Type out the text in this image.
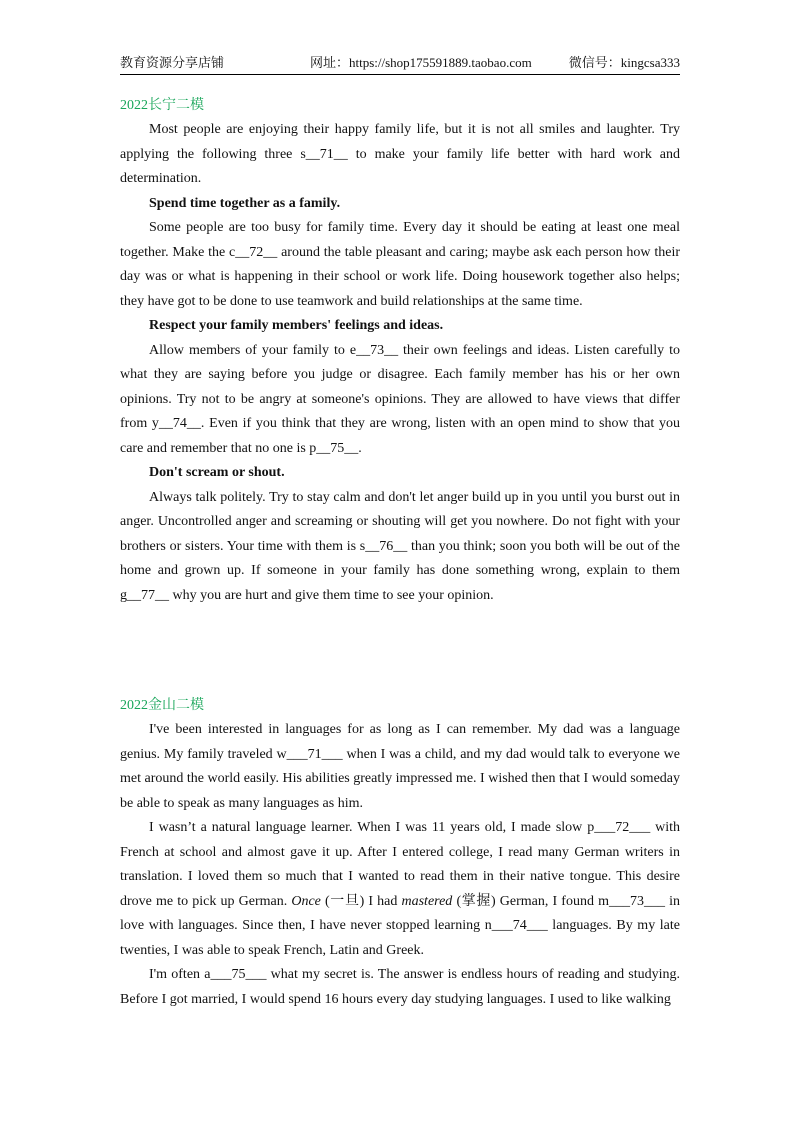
教育资源分享店铺	网址：https://shop175591889.taobao.com	微信号：kingcsa333
2022长宁二模

Most people are enjoying their happy family life, but it is not all smiles and laughter. Try applying the following three s__71__ to make your family life better with hard work and determination.

Spend time together as a family.

Some people are too busy for family time. Every day it should be eating at least one meal together. Make the c__72__ around the table pleasant and caring; maybe ask each person how their day was or what is happening in their school or work life. Doing housework together also helps; they have got to be done to use teamwork and build relationships at the same time.

Respect your family members' feelings and ideas.

Allow members of your family to e__73__ their own feelings and ideas. Listen carefully to what they are saying before you judge or disagree. Each family member has his or her own opinions. Try not to be angry at someone's opinions. They are allowed to have views that differ from y__74__. Even if you think that they are wrong, listen with an open mind to show that you care and remember that no one is p__75__.

Don't scream or shout.

Always talk politely. Try to stay calm and don't let anger build up in you until you burst out in anger. Uncontrolled anger and screaming or shouting will get you nowhere. Do not fight with your brothers or sisters. Your time with them is s__76__ than you think; soon you both will be out of the home and grown up. If someone in your family has done something wrong, explain to them g__77__ why you are hurt and give them time to see your opinion.

2022金山二模

I've been interested in languages for as long as I can remember. My dad was a language genius. My family traveled w___71___ when I was a child, and my dad would talk to everyone we met around the world easily. His abilities greatly impressed me. I wished then that I would someday be able to speak as many languages as him.

I wasn’t a natural language learner. When I was 11 years old, I made slow p___72___ with French at school and almost gave it up. After I entered college, I read many German writers in translation. I loved them so much that I wanted to read them in their native tongue. This desire drove me to pick up German. Once (一旦) I had mastered (掌握) German, I found m___73___ in love with languages. Since then, I have never stopped learning n___74___ languages. By my late twenties, I was able to speak French, Latin and Greek.

I'm often a___75___ what my secret is. The answer is endless hours of reading and studying. Before I got married, I would spend 16 hours every day studying languages. I used to like walking
